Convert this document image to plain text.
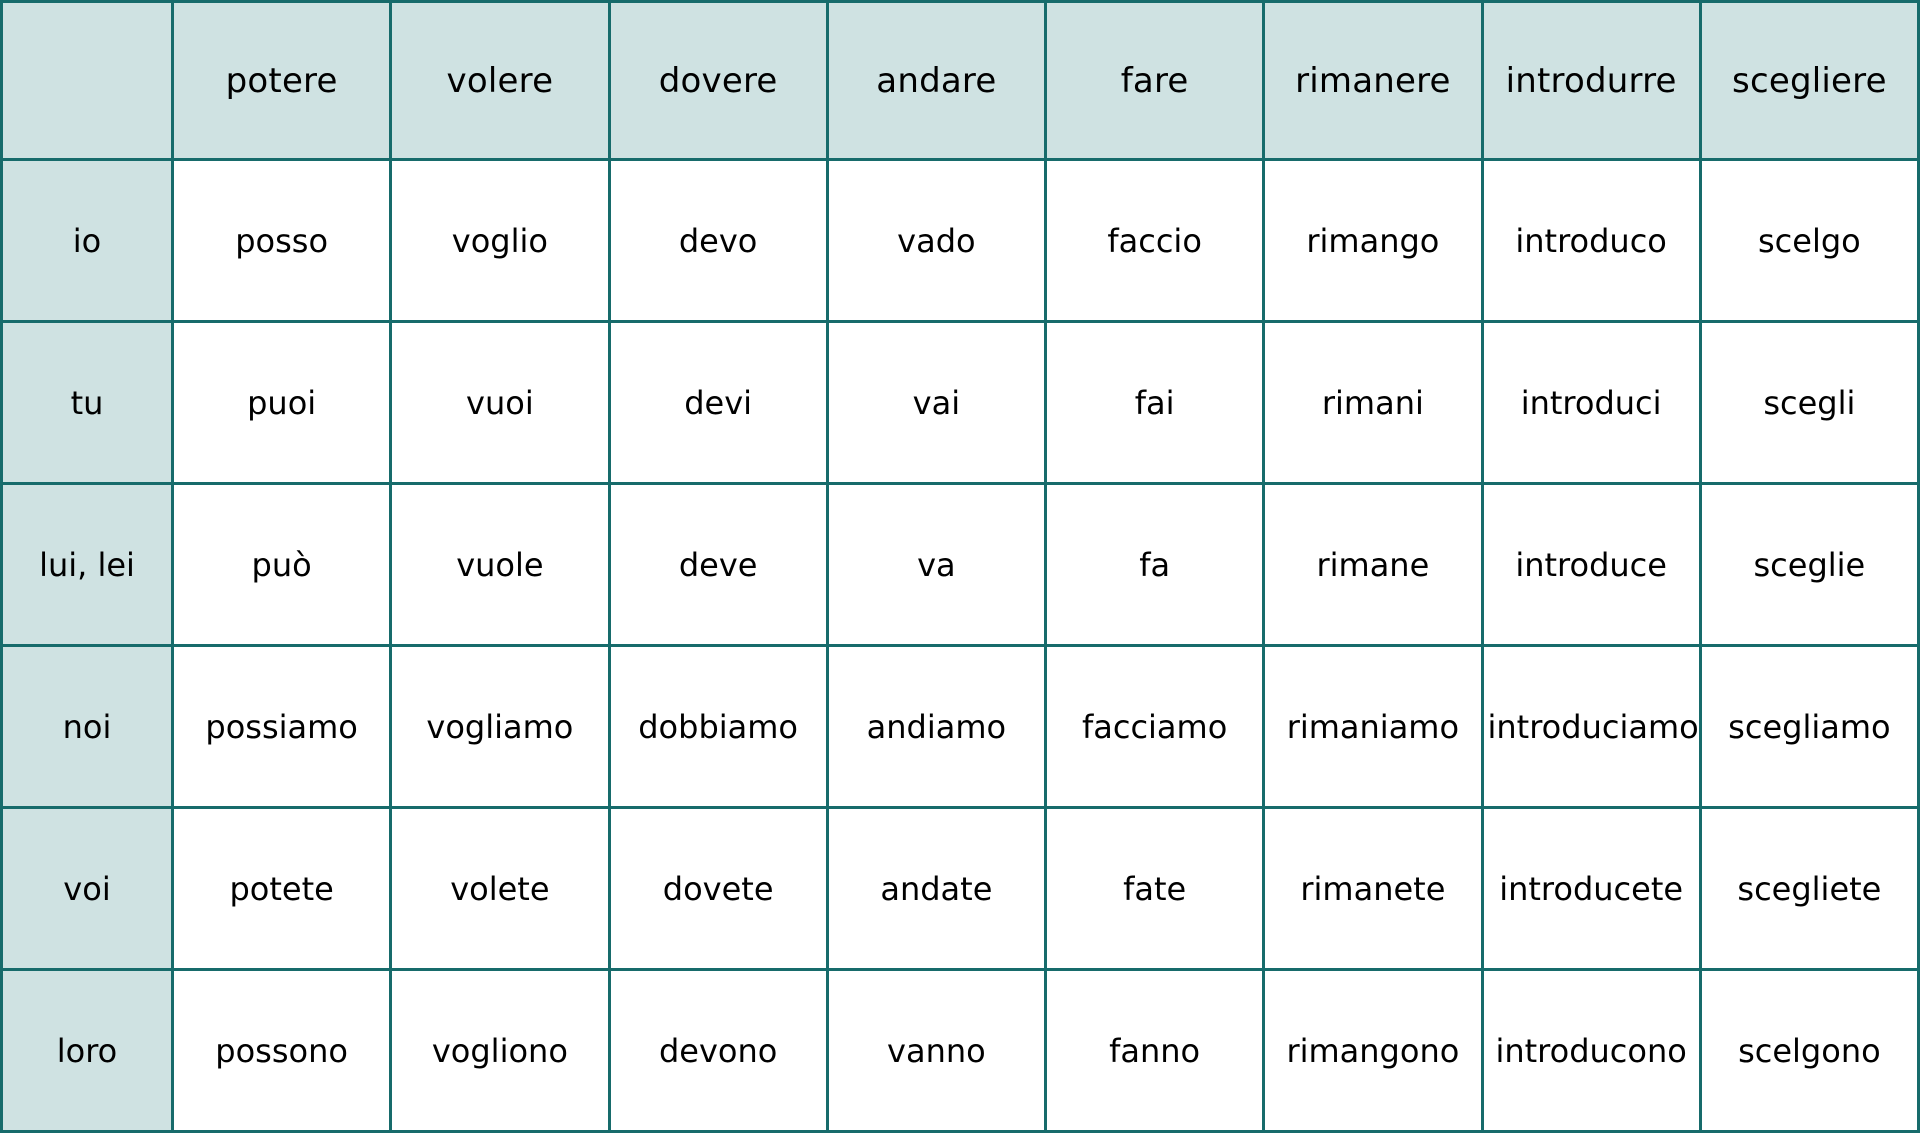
	potere	volere	dovere	andare	fare	rimanere	introdurre	scegliere
io	posso	voglio	devo	vado	faccio	rimango	introduco	scelgo
tu	puoi	vuoi	devi	vai	fai	rimani	introduci	scegli
lui, lei	può	vuole	deve	va	fa	rimane	introduce	sceglie
noi	possiamo	vogliamo	dobbiamo	andiamo	facciamo	rimaniamo	introduciamo	scegliamo
voi	potete	volete	dovete	andate	fate	rimanete	introducete	scegliete
loro	possono	vogliono	devono	vanno	fanno	rimangono	introducono	scelgono
